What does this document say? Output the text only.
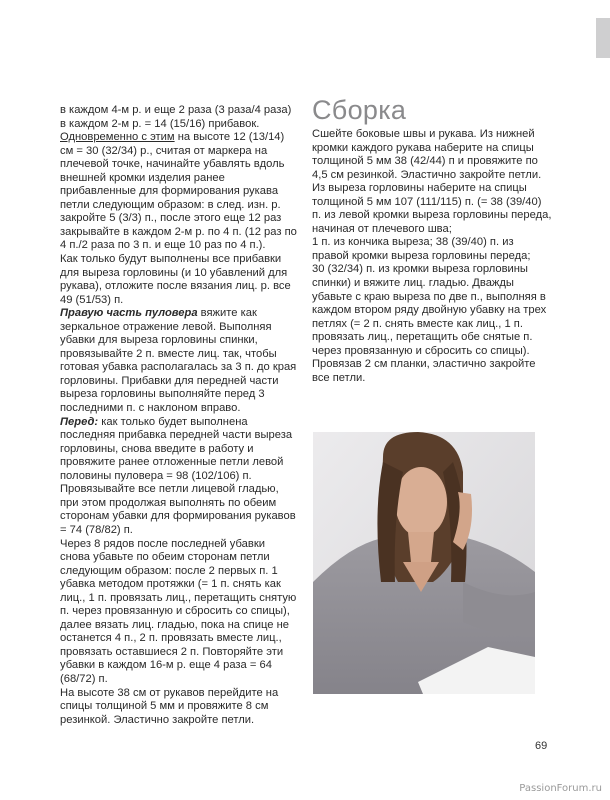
в каждом 4-м р. и еще 2 раза (3 раза/4 раза)

в каждом 2-м р. = 14 (15/16) прибавок.

Одновременно с этим на высоте 12 (13/14) см = 30 (32/34) р., считая от маркера на плечевой точке, начинайте убавлять вдоль внешней кромки изделия ранее прибавленные для формирования рукава петли следующим образом: в след. изн. р. закройте 5 (3/3) п., после этого еще 12 раз закрывайте в каждом 2-м р. по 4 п. (12 раз по 4 п./2 раза по 3 п. и еще 10 раз по 4 п.).

Как только будут выполнены все прибавки для выреза горловины (и 10 убавлений для рукава), отложите после вязания лиц. р. все 49 (51/53) п.

Правую часть пуловера вяжите как зеркальное отражение левой. Выполняя убавки для выреза горловины спинки, провязывайте 2 п. вместе лиц. так, чтобы готовая убавка располагалась за 3 п. до края горловины. Прибавки для передней части выреза горловины выполняйте перед 3 последними п. с наклоном вправо.

Перед: как только будет выполнена последняя прибавка передней части выреза горловины, снова введите в работу и провяжите ранее отложенные петли левой половины пуловера = 98 (102/106) п. Провязывайте все петли лицевой гладью, при этом продолжая выполнять по обеим сторонам убавки для формирования рукавов = 74 (78/82) п.

Через 8 рядов после последней убавки снова убавьте по обеим сторонам петли следующим образом: после 2 первых п. 1 убавка методом протяжки (= 1 п. снять как лиц., 1 п. провязать лиц., перетащить снятую п. через провязанную и сбросить со спицы), далее вязать лиц. гладью, пока на спице не останется 4 п., 2 п. провязать вместе лиц., провязать оставшиеся 2 п. Повторяйте эти убавки в каждом 16-м р. еще 4 раза = 64 (68/72) п.

На высоте 38 см от рукавов перейдите на спицы толщиной 5 мм и провяжите 8 см резинкой. Эластично закройте петли.

Сборка

Сшейте боковые швы и рукава. Из нижней кромки каждого рукава наберите на спицы толщиной 5 мм 38 (42/44) п и провяжите по 4,5 см резинкой. Эластично закройте петли.

Из выреза горловины наберите на спицы толщиной 5 мм 107 (111/115) п. (= 38 (39/40) п. из левой кромки выреза горловины переда, начиная от плечевого шва;

1 п. из кончика выреза; 38 (39/40) п. из правой кромки выреза горловины переда;

30 (32/34) п. из кромки выреза горловины спинки) и вяжите лиц. гладью. Дважды убавьте с краю выреза по две п., выполняя в каждом втором ряду двойную убавку на трех петлях (= 2 п. снять вместе как лиц., 1 п. провязать лиц., перетащить обе снятые п. через провязанную и сбросить со спицы).

Провязав 2 см планки, эластично закройте все петли.

69
PassionForum.ru
